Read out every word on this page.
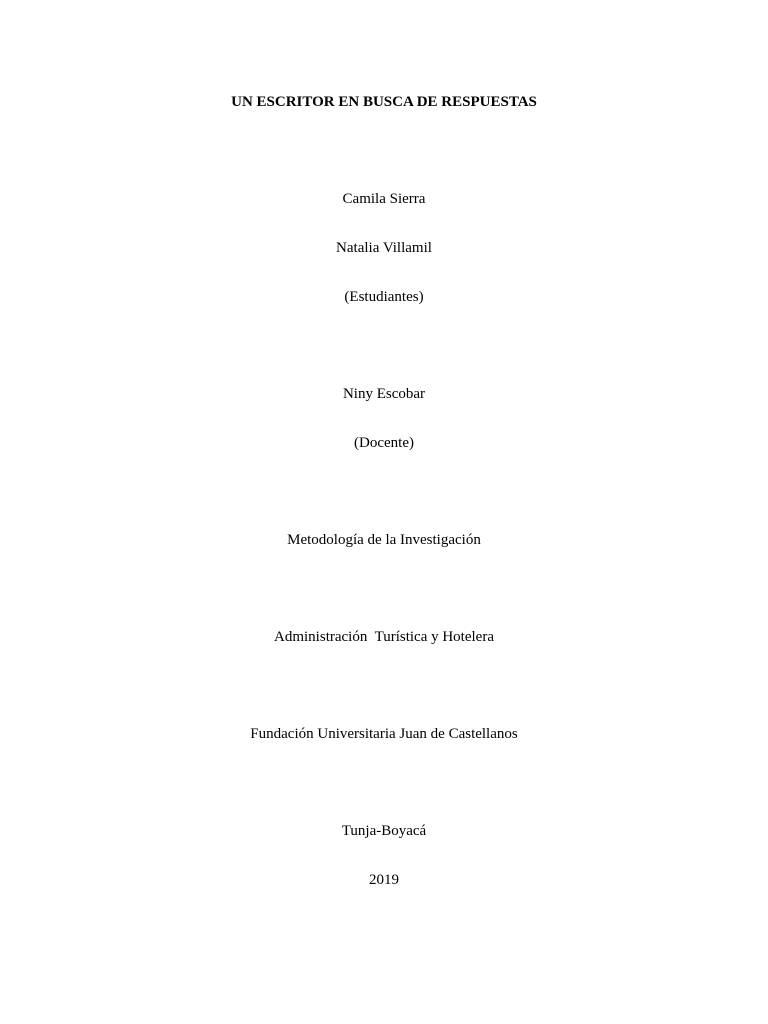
UN ESCRITOR EN BUSCA DE RESPUESTAS
Camila Sierra
Natalia Villamil
(Estudiantes)
Niny Escobar
(Docente)
Metodología de la Investigación
Administración  Turística y Hotelera
Fundación Universitaria Juan de Castellanos
Tunja-Boyacá
2019
